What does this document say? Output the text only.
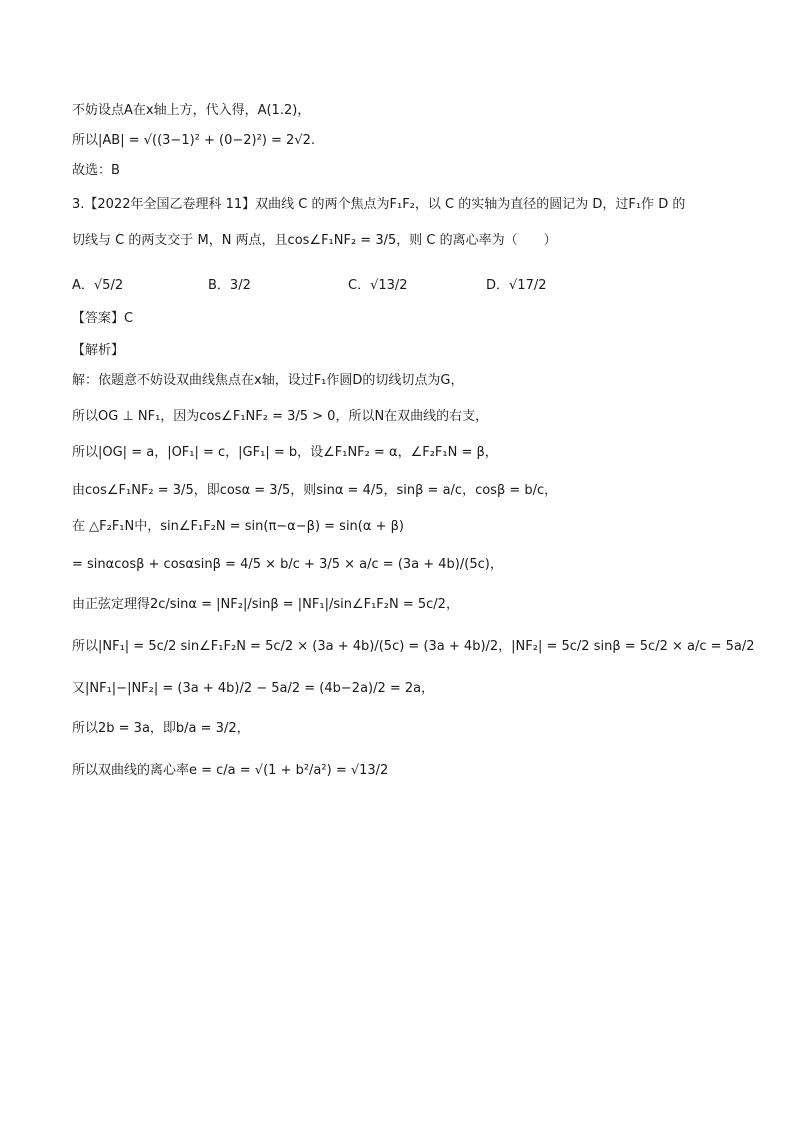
不妨设点A在x轴上方，代入得，A(1.2)，
所以|AB| = √((3−1)² + (0−2)²) = 2√2.
故选：B
3.【2022年全国乙卷理科 11】双曲线 C 的两个焦点为F₁F₂，以 C 的实轴为直径的圆记为 D，过F₁作 D 的
切线与 C 的两支交于 M，N 两点，且cos∠F₁NF₂ = 3/5，则 C 的离心率为（　　）
A．√5/2	B．3/2	C．√13/2	D．√17/2
【答案】C
【解析】
解：依题意不妨设双曲线焦点在x轴，设过F₁作圆D的切线切点为G，
所以OG ⊥ NF₁，因为cos∠F₁NF₂ = 3/5 > 0，所以N在双曲线的右支，
所以|OG| = a，|OF₁| = c，|GF₁| = b，设∠F₁NF₂ = α，∠F₂F₁N = β，
由cos∠F₁NF₂ = 3/5，即cosα = 3/5，则sinα = 4/5，sinβ = a/c，cosβ = b/c，
在 △F₂F₁N中，sin∠F₁F₂N = sin(π−α−β) = sin(α + β)
= sinαcosβ + cosαsinβ = 4/5 × b/c + 3/5 × a/c = (3a + 4b)/(5c)，
由正弦定理得2c/sinα = |NF₂|/sinβ = |NF₁|/sin∠F₁F₂N = 5c/2，
所以|NF₁| = 5c/2 sin∠F₁F₂N = 5c/2 × (3a + 4b)/(5c) = (3a + 4b)/2，|NF₂| = 5c/2 sinβ = 5c/2 × a/c = 5a/2
又|NF₁|−|NF₂| = (3a + 4b)/2 − 5a/2 = (4b−2a)/2 = 2a，
所以2b = 3a，即b/a = 3/2，
所以双曲线的离心率e = c/a = √(1 + b²/a²) = √13/2
